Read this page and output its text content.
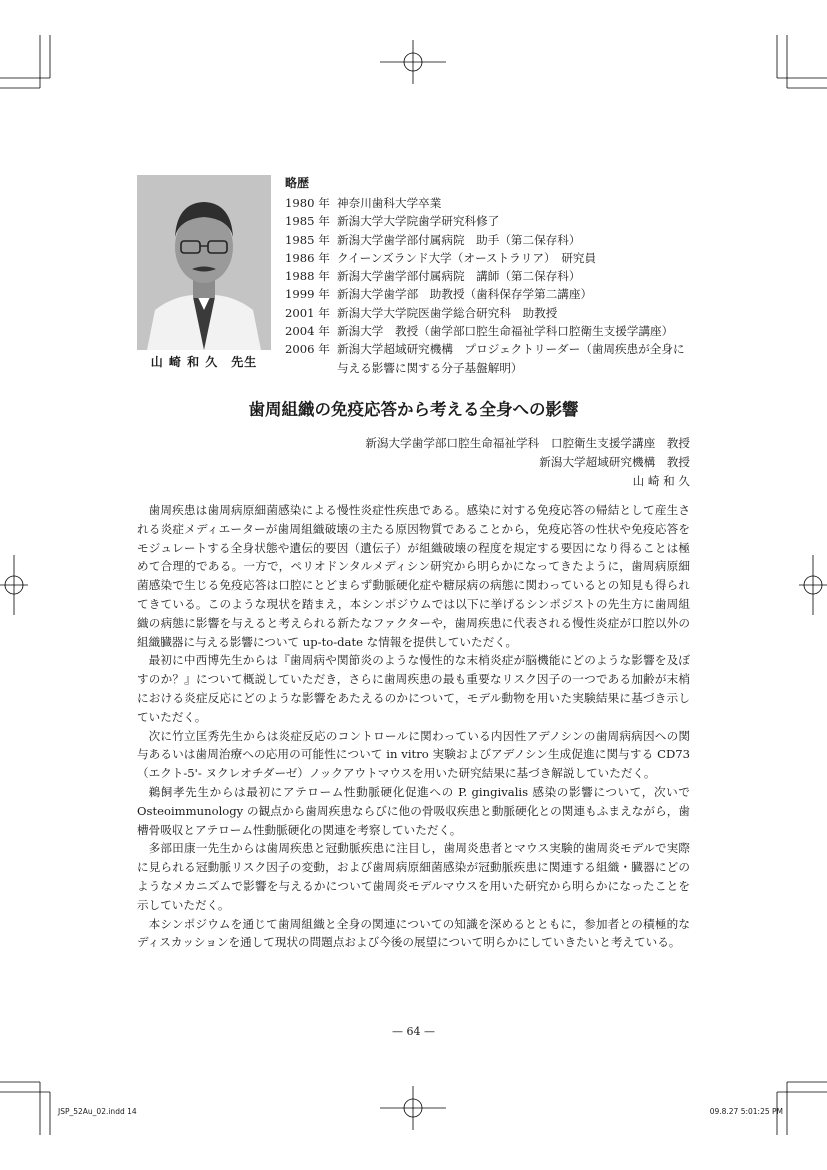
山 崎 和 久　先生
略歴
1980 年 神奈川歯科大学卒業
1985 年 新潟大学大学院歯学研究科修了
1985 年 新潟大学歯学部付属病院　助手（第二保存科）
1986 年 クイーンズランド大学（オーストラリア）　研究員
1988 年 新潟大学歯学部付属病院　講師（第二保存科）
1999 年 新潟大学歯学部　助教授（歯科保存学第二講座）
2001 年 新潟大学大学院医歯学総合研究科　助教授
2004 年 新潟大学　教授（歯学部口腔生命福祉学科口腔衛生支援学講座）
2006 年 新潟大学超域研究機構　プロジェクトリーダー（歯周疾患が全身に与える影響に関する分子基盤解明）
歯周組織の免疫応答から考える全身への影響
新潟大学歯学部口腔生命福祉学科　口腔衛生支援学講座　教授
新潟大学超域研究機構　教授
山 崎 和 久

歯周疾患は歯周病原細菌感染による慢性炎症性疾患である。感染に対する免疫応答の帰結として産生される炎症メディエーターが歯周組織破壊の主たる原因物質であることから，免疫応答の性状や免疫応答をモジュレートする全身状態や遺伝的要因（遺伝子）が組織破壊の程度を規定する要因になり得ることは極めて合理的である。一方で，ペリオドンタルメディシン研究から明らかになってきたように，歯周病原細菌感染で生じる免疫応答は口腔にとどまらず動脈硬化症や糖尿病の病態に関わっているとの知見も得られてきている。このような現状を踏まえ，本シンポジウムでは以下に挙げるシンポジストの先生方に歯周組織の病態に影響を与えると考えられる新たなファクターや，歯周疾患に代表される慢性炎症が口腔以外の組織臓器に与える影響について up-to-date な情報を提供していただく。

最初に中西博先生からは『歯周病や関節炎のような慢性的な末梢炎症が脳機能にどのような影響を及ぼすのか？』について概説していただき，さらに歯周疾患の最も重要なリスク因子の一つである加齢が末梢における炎症反応にどのような影響をあたえるのかについて，モデル動物を用いた実験結果に基づき示していただく。

次に竹立匡秀先生からは炎症反応のコントロールに関わっている内因性アデノシンの歯周病病因への関与あるいは歯周治療への応用の可能性について in vitro 実験およびアデノシン生成促進に関与する CD73（エクト-5'- ヌクレオチダーゼ）ノックアウトマウスを用いた研究結果に基づき解説していただく。

鵜飼孝先生からは最初にアテローム性動脈硬化促進への P. gingivalis 感染の影響について，次いで Osteoimmunology の観点から歯周疾患ならびに他の骨吸収疾患と動脈硬化との関連もふまえながら，歯槽骨吸収とアテローム性動脈硬化の関連を考察していただく。

多部田康一先生からは歯周疾患と冠動脈疾患に注目し，歯周炎患者とマウス実験的歯周炎モデルで実際に見られる冠動脈リスク因子の変動，および歯周病原細菌感染が冠動脈疾患に関連する組織・臓器にどのようなメカニズムで影響を与えるかについて歯周炎モデルマウスを用いた研究から明らかになったことを示していただく。

本シンポジウムを通じて歯周組織と全身の関連についての知識を深めるとともに，参加者との積極的なディスカッションを通して現状の問題点および今後の展望について明らかにしていきたいと考えている。

— 64 —
JSP_52Au_02.indd 14	09.8.27 5:01:25 PM
